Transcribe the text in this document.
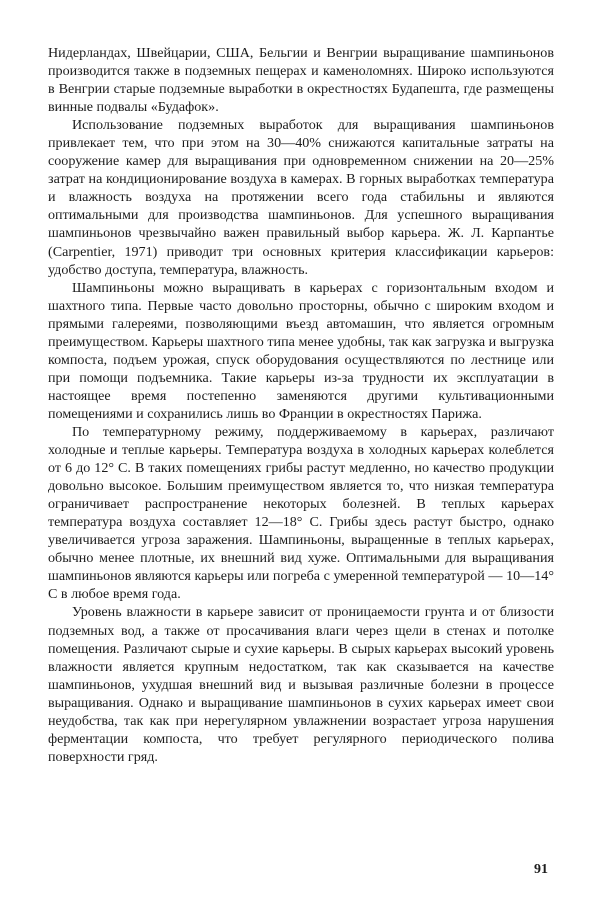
Нидерландах, Швейцарии, США, Бельгии и Венгрии выращивание шампиньонов производится также в подземных пещерах и каменоломнях. Широко используются в Венгрии старые подземные выработки в окрестностях Будапешта, где размещены винные подвалы «Будафок».

Использование подземных выработок для выращивания шампиньонов привлекает тем, что при этом на 30—40% снижаются капитальные затраты на сооружение камер для выращивания при одновременном снижении на 20—25% затрат на кондиционирование воздуха в камерах. В горных выработках температура и влажность воздуха на протяжении всего года стабильны и являются оптимальными для производства шампиньонов. Для успешного выращивания шампиньонов чрезвычайно важен правильный выбор карьера. Ж. Л. Карпантье (Carpentier, 1971) приводит три основных критерия классификации карьеров: удобство доступа, температура, влажность.

Шампиньоны можно выращивать в карьерах с горизонтальным входом и шахтного типа. Первые часто довольно просторны, обычно с широким входом и прямыми галереями, позволяющими въезд автомашин, что является огромным преимуществом. Карьеры шахтного типа менее удобны, так как загрузка и выгрузка компоста, подъем урожая, спуск оборудования осуществляются по лестнице или при помощи подъемника. Такие карьеры из-за трудности их эксплуатации в настоящее время постепенно заменяются другими культивационными помещениями и сохранились лишь во Франции в окрестностях Парижа.

По температурному режиму, поддерживаемому в карьерах, различают холодные и теплые карьеры. Температура воздуха в холодных карьерах колеблется от 6 до 12° С. В таких помещениях грибы растут медленно, но качество продукции довольно высокое. Большим преимуществом является то, что низкая температура ограничивает распространение некоторых болезней. В теплых карьерах температура воздуха составляет 12—18° С. Грибы здесь растут быстро, однако увеличивается угроза заражения. Шампиньоны, выращенные в теплых карьерах, обычно менее плотные, их внешний вид хуже. Оптимальными для выращивания шампиньонов являются карьеры или погреба с умеренной температурой — 10—14° С в любое время года.

Уровень влажности в карьере зависит от проницаемости грунта и от близости подземных вод, а также от просачивания влаги через щели в стенах и потолке помещения. Различают сырые и сухие карьеры. В сырых карьерах высокий уровень влажности является крупным недостатком, так как сказывается на качестве шампиньонов, ухудшая внешний вид и вызывая различные болезни в процессе выращивания. Однако и выращивание шампиньонов в сухих карьерах имеет свои неудобства, так как при нерегулярном увлажнении возрастает угроза нарушения ферментации компоста, что требует регулярного периодического полива поверхности гряд.

91
